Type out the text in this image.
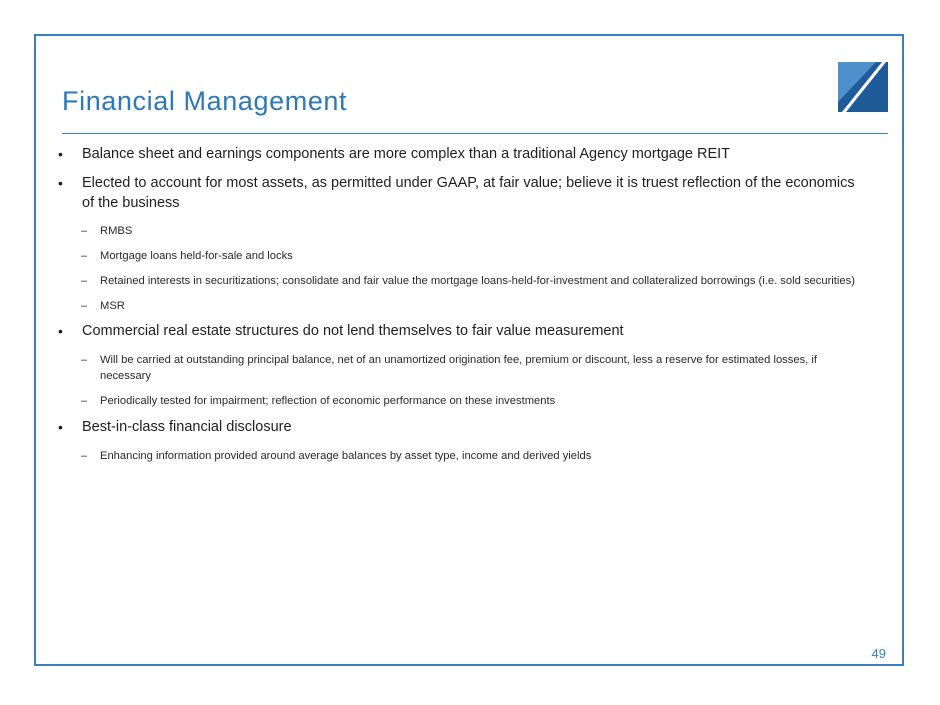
Financial Management
•	Balance sheet and earnings components are more complex than a traditional Agency mortgage REIT
•	Elected to account for most assets, as permitted under GAAP, at fair value; believe it is truest reflection of the economics of the business
– RMBS
– Mortgage loans held-for-sale and locks
– Retained interests in securitizations; consolidate and fair value the mortgage loans-held-for-investment and collateralized borrowings (i.e. sold securities)
– MSR
•	Commercial real estate structures do not lend themselves to fair value measurement
– Will be carried at outstanding principal balance, net of an unamortized origination fee, premium or discount, less a reserve for estimated losses, if necessary
– Periodically tested for impairment; reflection of economic performance on these investments
•	Best-in-class financial disclosure
– Enhancing information provided around average balances by asset type, income and derived yields
49
